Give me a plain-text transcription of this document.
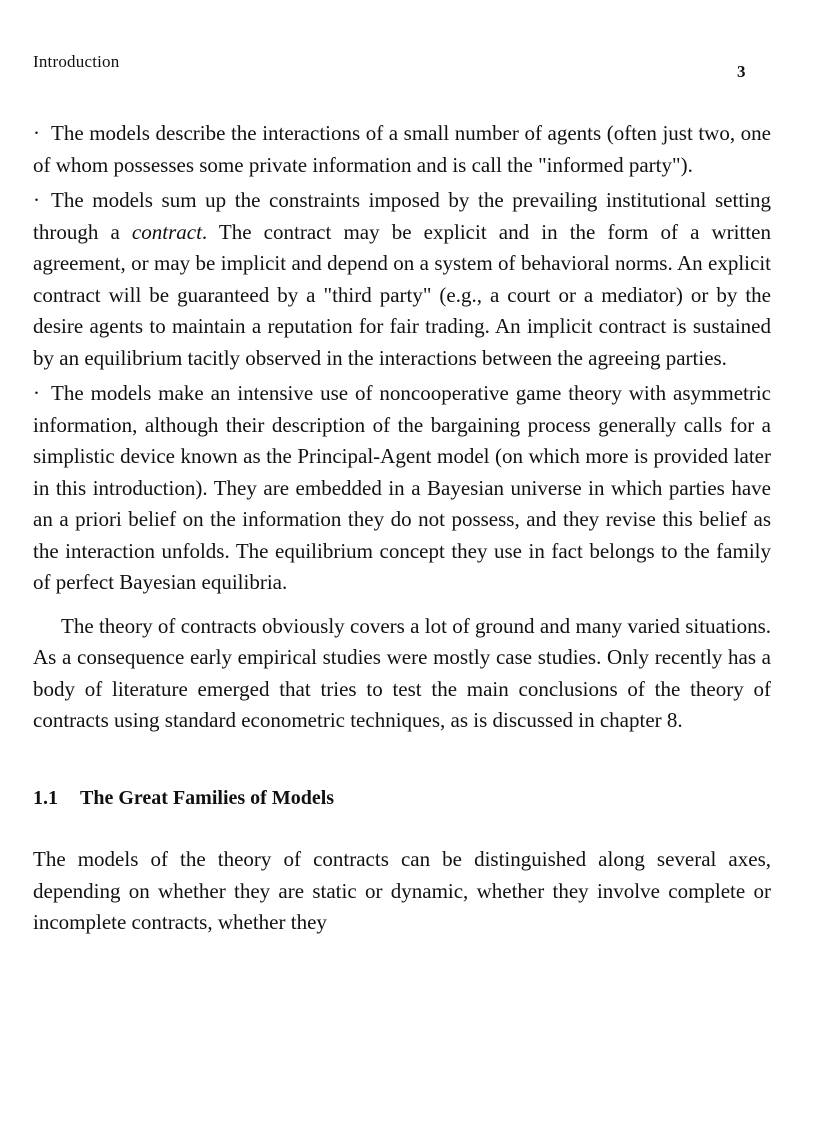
Introduction
3

· The models describe the interactions of a small number of agents (often just two, one of whom possesses some private information and is call the "informed party").

· The models sum up the constraints imposed by the prevailing institutional setting through a contract. The contract may be explicit and in the form of a written agreement, or may be implicit and depend on a system of behavioral norms. An explicit contract will be guaranteed by a "third party" (e.g., a court or a mediator) or by the desire agents to maintain a reputation for fair trading. An implicit contract is sustained by an equilibrium tacitly observed in the interactions between the agreeing parties.

· The models make an intensive use of noncooperative game theory with asymmetric information, although their description of the bargaining process generally calls for a simplistic device known as the Principal-Agent model (on which more is provided later in this introduction). They are embedded in a Bayesian universe in which parties have an a priori belief on the information they do not possess, and they revise this belief as the interaction unfolds. The equilibrium concept they use in fact belongs to the family of perfect Bayesian equilibria.

The theory of contracts obviously covers a lot of ground and many varied situations. As a consequence early empirical studies were mostly case studies. Only recently has a body of literature emerged that tries to test the main conclusions of the theory of contracts using standard econometric techniques, as is discussed in chapter 8.

1.1 The Great Families of Models

The models of the theory of contracts can be distinguished along several axes, depending on whether they are static or dynamic, whether they involve complete or incomplete contracts, whether they
